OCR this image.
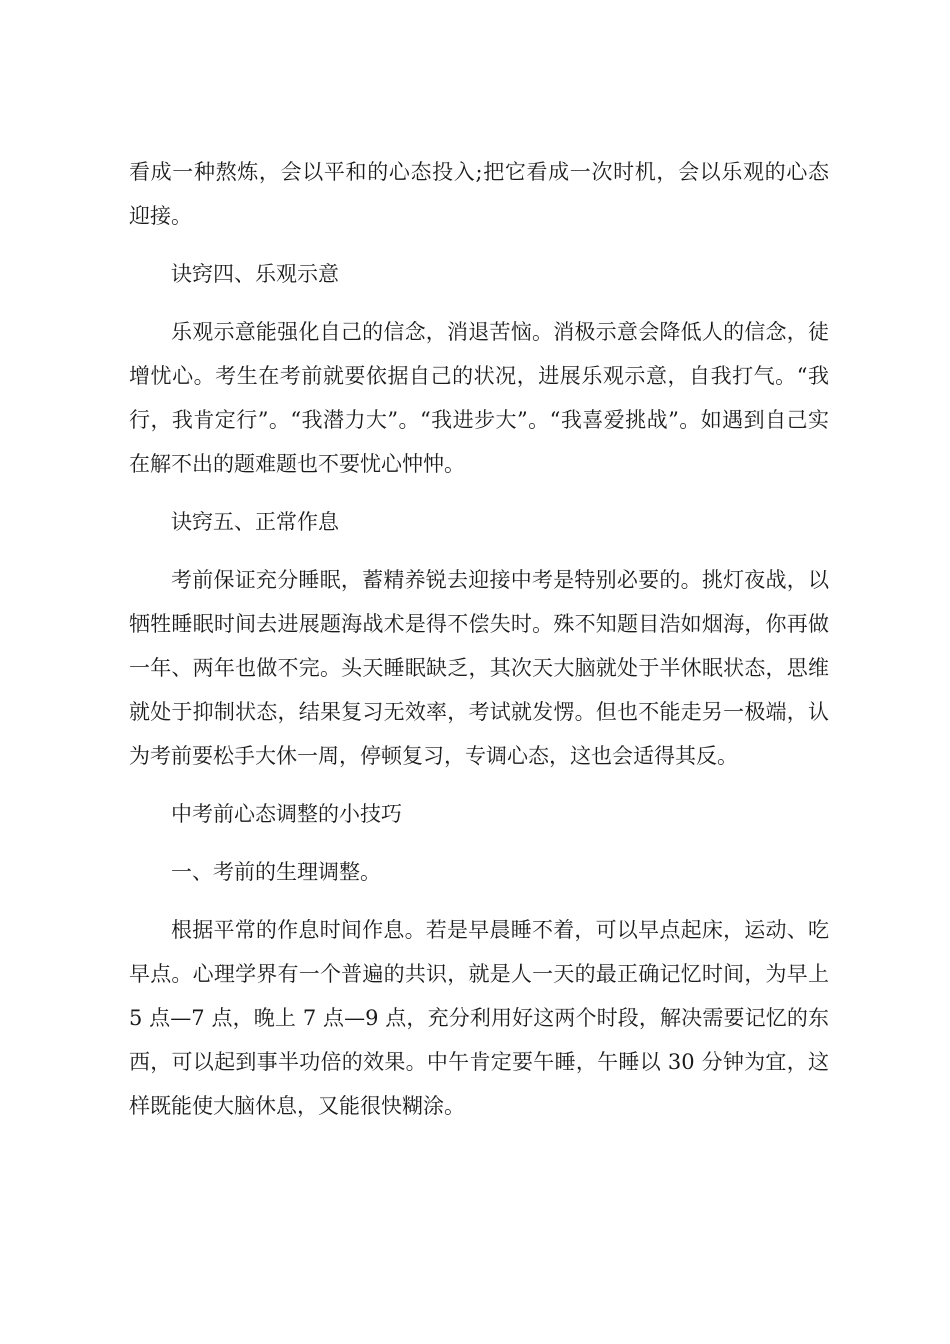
看成一种熬炼，会以平和的心态投入;把它看成一次时机，会以乐观的心态迎接。

诀窍四、乐观示意

乐观示意能强化自己的信念，消退苦恼。消极示意会降低人的信念，徒增忧心。考生在考前就要依据自己的状况，进展乐观示意，自我打气。“我行，我肯定行”。“我潜力大”。“我进步大”。“我喜爱挑战”。如遇到自己实在解不出的题难题也不要忧心忡忡。

诀窍五、正常作息

考前保证充分睡眠，蓄精养锐去迎接中考是特别必要的。挑灯夜战，以牺牲睡眠时间去进展题海战术是得不偿失时。殊不知题目浩如烟海，你再做一年、两年也做不完。头天睡眠缺乏，其次天大脑就处于半休眠状态，思维就处于抑制状态，结果复习无效率，考试就发愣。但也不能走另一极端，认为考前要松手大休一周，停顿复习，专调心态，这也会适得其反。

中考前心态调整的小技巧

一、考前的生理调整。

根据平常的作息时间作息。若是早晨睡不着，可以早点起床，运动、吃早点。心理学界有一个普遍的共识，就是人一天的最正确记忆时间，为早上 5 点—7 点，晚上 7 点—9 点，充分利用好这两个时段，解决需要记忆的东西，可以起到事半功倍的效果。中午肯定要午睡，午睡以 30 分钟为宜，这样既能使大脑休息，又能很快糊涂。
